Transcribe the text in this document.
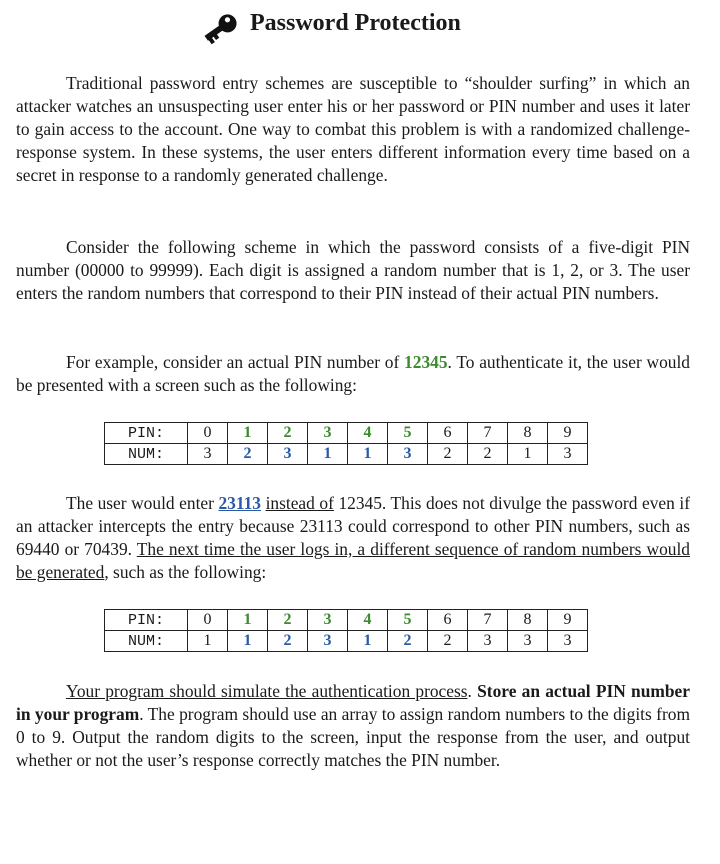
Password Protection

Traditional password entry schemes are susceptible to “shoulder surfing” in which an attacker watches an unsuspecting user enter his or her password or PIN number and uses it later to gain access to the account. One way to combat this problem is with a randomized challenge-response system. In these systems, the user enters different information every time based on a secret in response to a randomly generated challenge.

Consider the following scheme in which the password consists of a five-digit PIN number (00000 to 99999). Each digit is assigned a random number that is 1, 2, or 3. The user enters the random numbers that correspond to their PIN instead of their actual PIN numbers.

For example, consider an actual PIN number of 12345. To authenticate it, the user would be presented with a screen such as the following:

PIN:	0	1	2	3	4	5	6	7	8	9
NUM:	3	2	3	1	1	3	2	2	1	3

The user would enter 23113 instead of 12345. This does not divulge the password even if an attacker intercepts the entry because 23113 could correspond to other PIN numbers, such as 69440 or 70439. The next time the user logs in, a different sequence of random numbers would be generated, such as the following:

PIN:	0	1	2	3	4	5	6	7	8	9
NUM:	1	1	2	3	1	2	2	3	3	3

Your program should simulate the authentication process. Store an actual PIN number in your program. The program should use an array to assign random numbers to the digits from 0 to 9. Output the random digits to the screen, input the response from the user, and output whether or not the user’s response correctly matches the PIN number.
